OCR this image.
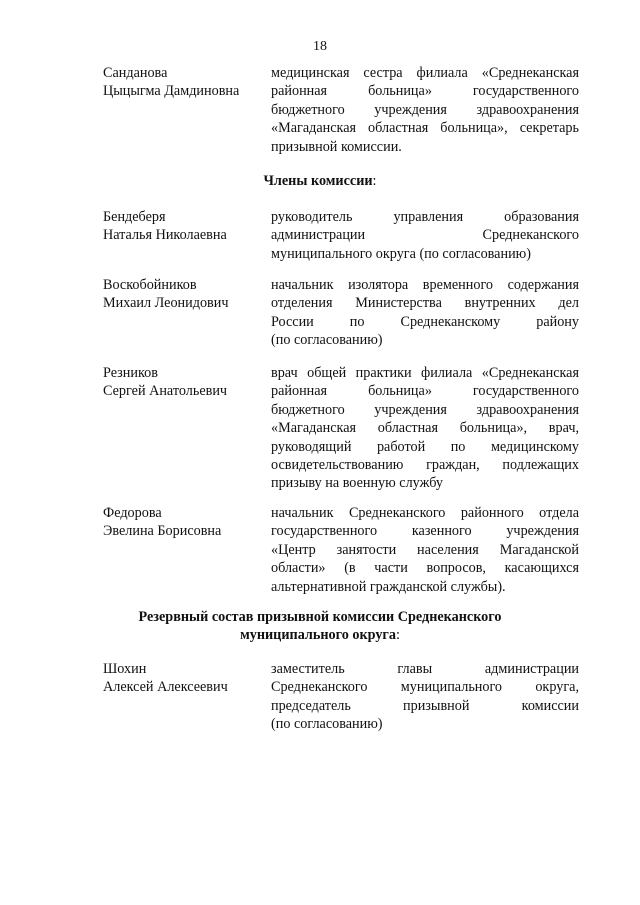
18
Санданова
Цыцыгма Дамдиновна
медицинская сестра филиала «Среднеканская
районная больница» государственного
бюджетного учреждения здравоохранения
«Магаданская областная больница», секретарь
призывной комиссии.
Члены комиссии:
Бендеберя
Наталья Николаевна
руководитель управления образования
администрации Среднеканского
муниципального округа (по согласованию)
Воскобойников
Михаил Леонидович
начальник изолятора временного содержания
отделения Министерства внутренних дел
России по Среднеканскому району
(по согласованию)
Резников
Сергей Анатольевич
врач общей практики филиала «Среднеканская
районная больница» государственного
бюджетного учреждения здравоохранения
«Магаданская областная больница», врач,
руководящий работой по медицинскому
освидетельствованию граждан, подлежащих
призыву на военную службу
Федорова
Эвелина Борисовна
начальник Среднеканского районного отдела
государственного казенного учреждения
«Центр занятости населения Магаданской
области» (в части вопросов, касающихся
альтернативной гражданской службы).
Резервный состав призывной комиссии Среднеканского
муниципального округа:
Шохин
Алексей Алексеевич
заместитель главы администрации
Среднеканского муниципального округа,
председатель призывной комиссии
(по согласованию)
